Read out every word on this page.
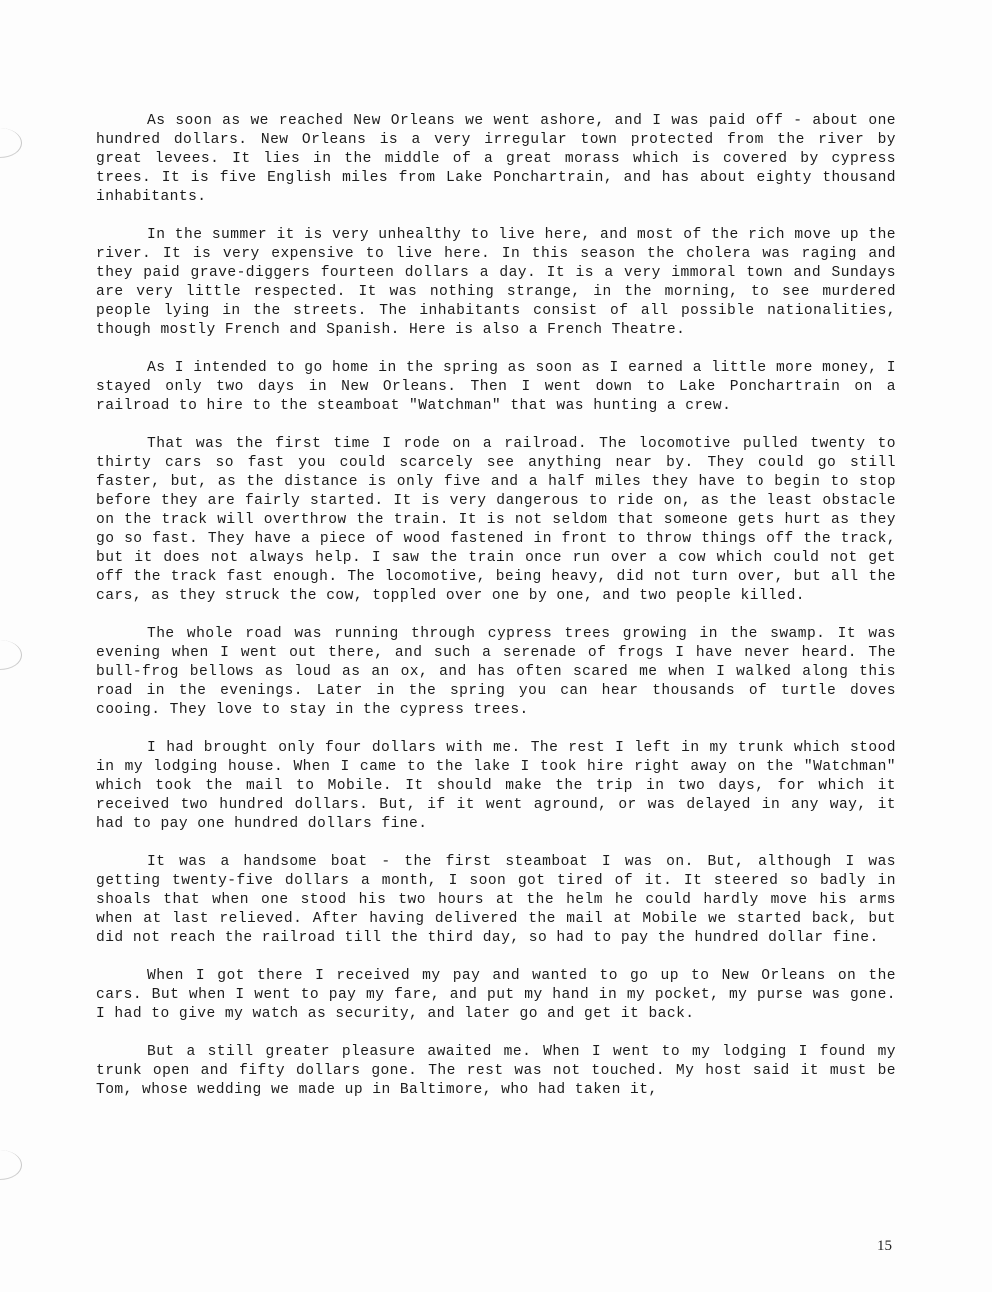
As soon as we reached New Orleans we went ashore, and I was paid off - about one hundred dollars. New Orleans is a very irregular town protected from the river by great levees. It lies in the middle of a great morass which is covered by cypress trees. It is five English miles from Lake Ponchartrain, and has about eighty thousand inhabitants.

In the summer it is very unhealthy to live here, and most of the rich move up the river. It is very expensive to live here. In this season the cholera was raging and they paid grave-diggers fourteen dollars a day. It is a very immoral town and Sundays are very little respected. It was nothing strange, in the morning, to see murdered people lying in the streets. The inhabitants consist of all possible nationalities, though mostly French and Spanish. Here is also a French Theatre.

As I intended to go home in the spring as soon as I earned a little more money, I stayed only two days in New Orleans. Then I went down to Lake Ponchartrain on a railroad to hire to the steamboat "Watchman" that was hunting a crew.

That was the first time I rode on a railroad. The locomotive pulled twenty to thirty cars so fast you could scarcely see anything near by. They could go still faster, but, as the distance is only five and a half miles they have to begin to stop before they are fairly started. It is very dangerous to ride on, as the least obstacle on the track will overthrow the train. It is not seldom that someone gets hurt as they go so fast. They have a piece of wood fastened in front to throw things off the track, but it does not always help. I saw the train once run over a cow which could not get off the track fast enough. The locomotive, being heavy, did not turn over, but all the cars, as they struck the cow, toppled over one by one, and two people killed.

The whole road was running through cypress trees growing in the swamp. It was evening when I went out there, and such a serenade of frogs I have never heard. The bull-frog bellows as loud as an ox, and has often scared me when I walked along this road in the evenings. Later in the spring you can hear thousands of turtle doves cooing. They love to stay in the cypress trees.

I had brought only four dollars with me. The rest I left in my trunk which stood in my lodging house. When I came to the lake I took hire right away on the "Watchman" which took the mail to Mobile. It should make the trip in two days, for which it received two hundred dollars. But, if it went aground, or was delayed in any way, it had to pay one hundred dollars fine.

It was a handsome boat - the first steamboat I was on. But, although I was getting twenty-five dollars a month, I soon got tired of it. It steered so badly in shoals that when one stood his two hours at the helm he could hardly move his arms when at last relieved. After having delivered the mail at Mobile we started back, but did not reach the railroad till the third day, so had to pay the hundred dollar fine.

When I got there I received my pay and wanted to go up to New Orleans on the cars. But when I went to pay my fare, and put my hand in my pocket, my purse was gone. I had to give my watch as security, and later go and get it back.

But a still greater pleasure awaited me. When I went to my lodging I found my trunk open and fifty dollars gone. The rest was not touched. My host said it must be Tom, whose wedding we made up in Baltimore, who had taken it,

15
